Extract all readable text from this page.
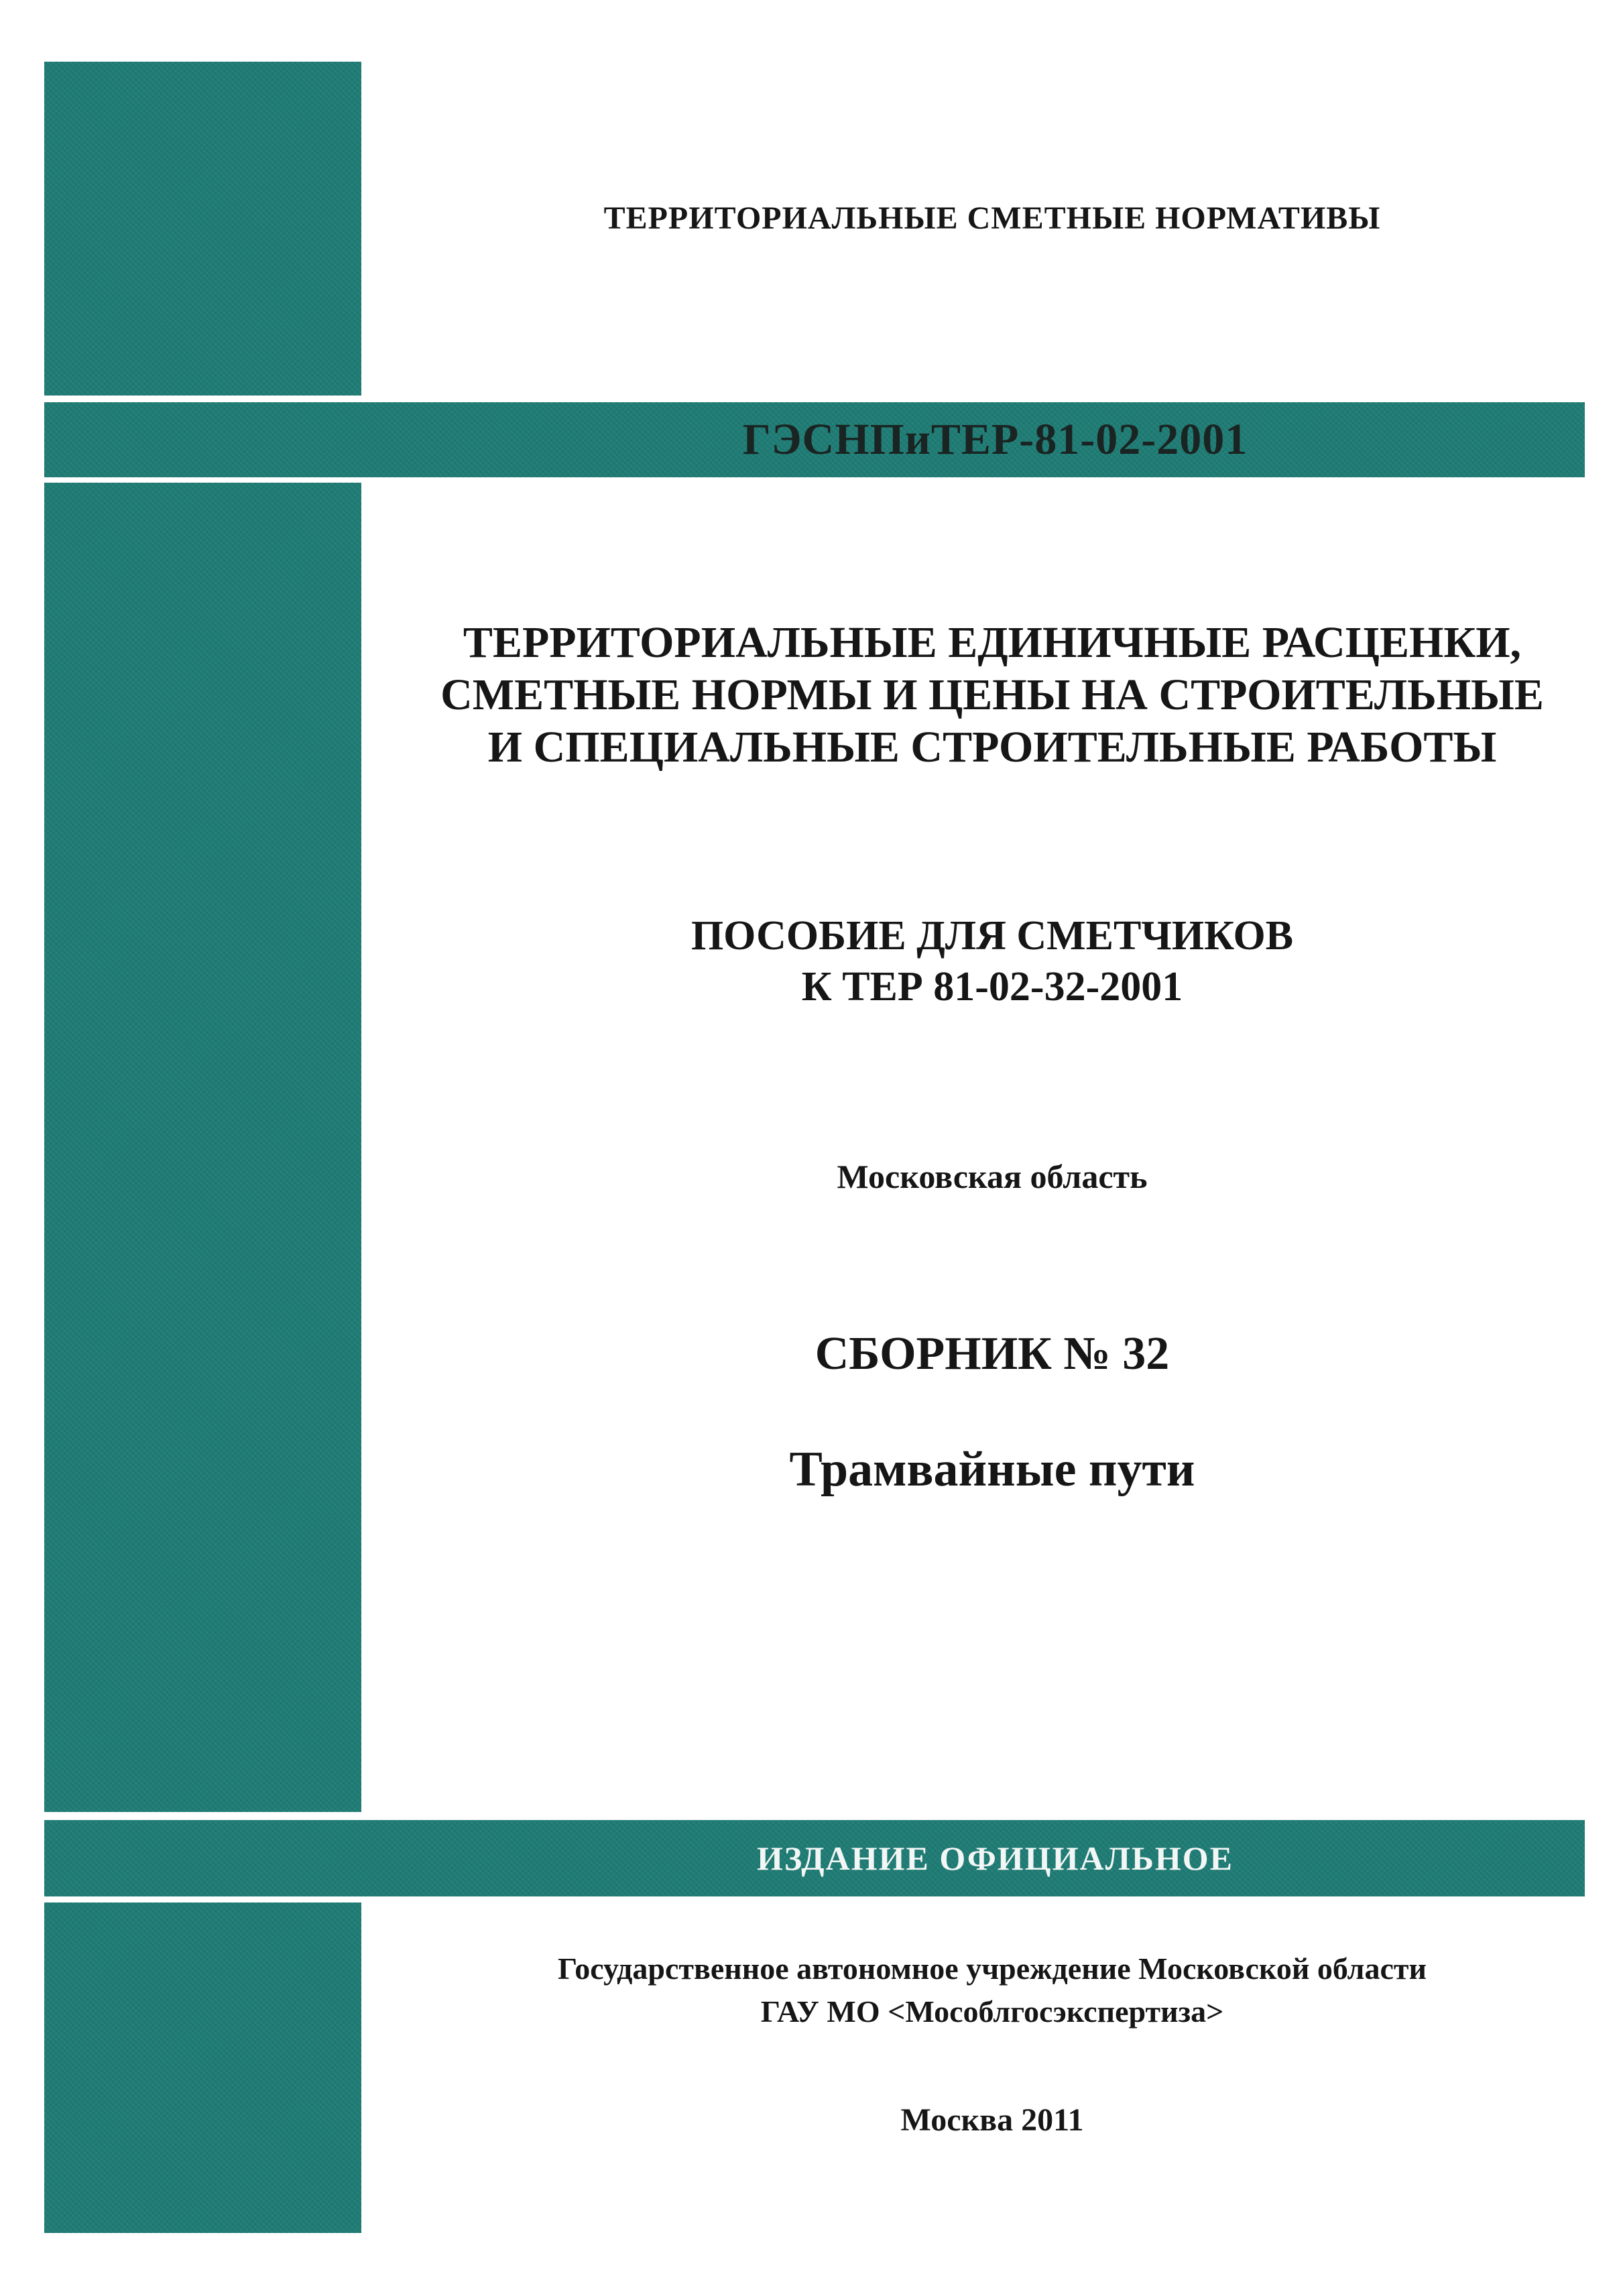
ГЭСНПиТЕР-81-02-2001
ИЗДАНИЕ ОФИЦИАЛЬНОЕ
ТЕРРИТОРИАЛЬНЫЕ СМЕТНЫЕ НОРМАТИВЫ
ТЕРРИТОРИАЛЬНЫЕ ЕДИНИЧНЫЕ РАСЦЕНКИ,
СМЕТНЫЕ НОРМЫ И ЦЕНЫ НА СТРОИТЕЛЬНЫЕ
И СПЕЦИАЛЬНЫЕ СТРОИТЕЛЬНЫЕ РАБОТЫ
ПОСОБИЕ ДЛЯ СМЕТЧИКОВ
К ТЕР 81-02-32-2001
Московская область
СБОРНИК № 32
Трамвайные пути
Государственное автономное учреждение Московской области
ГАУ МО <Мособлгосэкспертиза>
Москва 2011
